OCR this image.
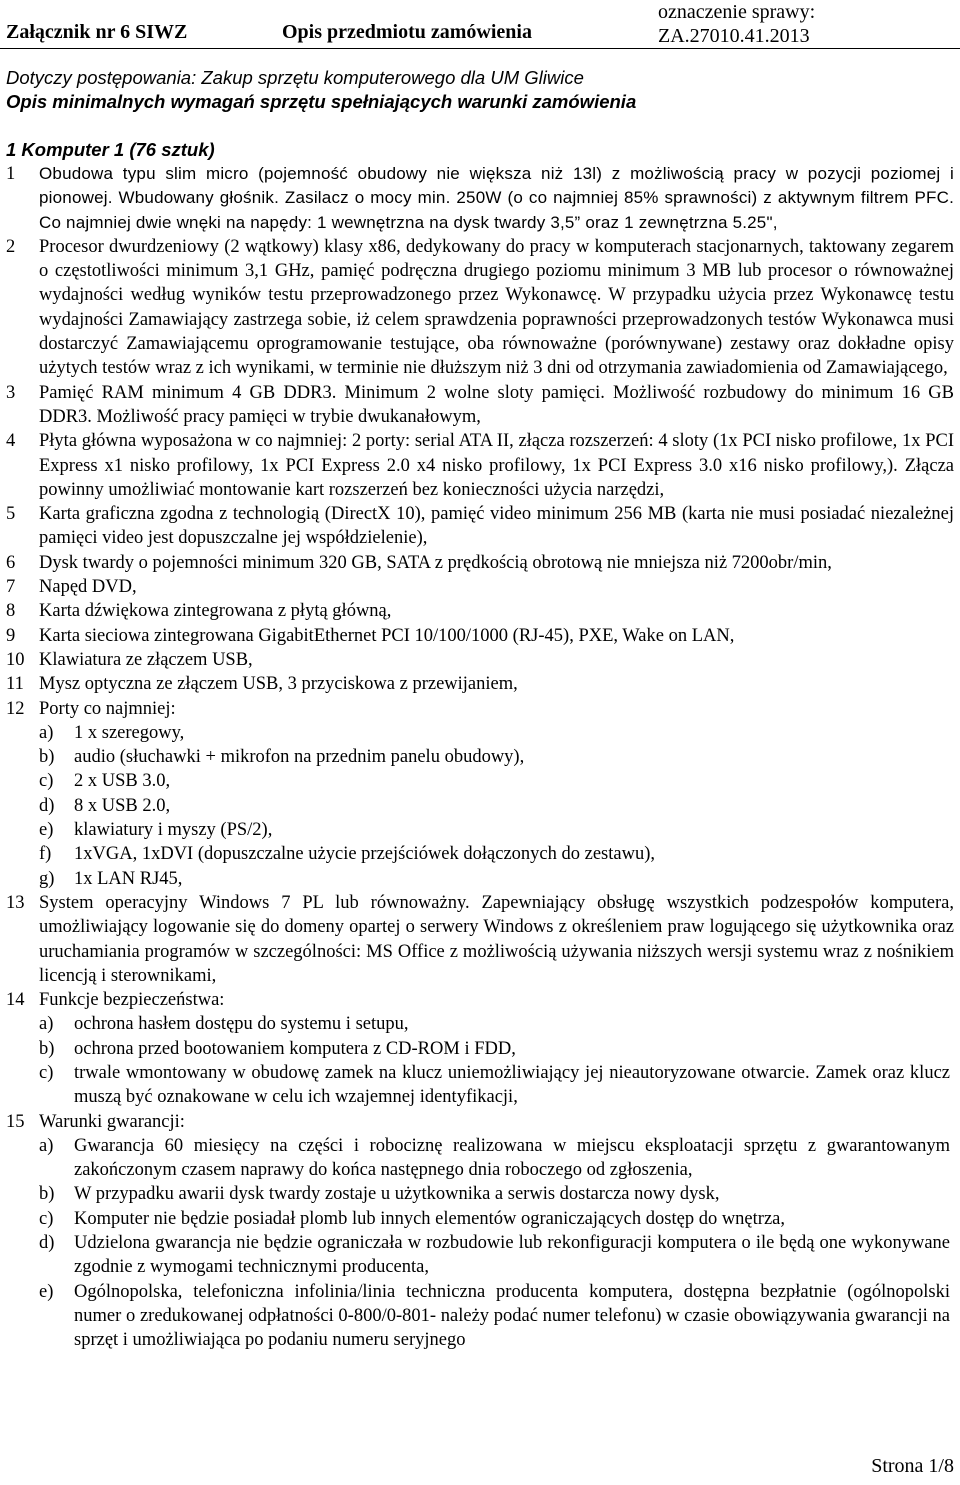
Załącznik nr 6 SIWZ	Opis przedmiotu zamówienia
oznaczenie sprawy: ZA.27010.41.2013
Dotyczy postępowania: Zakup sprzętu komputerowego dla UM Gliwice
Opis minimalnych wymagań sprzętu spełniających warunki zamówienia
1 Komputer 1 (76 sztuk)
1	Obudowa typu slim micro (pojemność obudowy nie większa niż 13l) z możliwością pracy w pozycji poziomej i pionowej. Wbudowany głośnik. Zasilacz o mocy min. 250W (o co najmniej 85% sprawności) z aktywnym filtrem PFC. Co najmniej dwie wnęki na napędy: 1 wewnętrzna na dysk twardy 3,5” oraz 1 zewnętrzna 5.25",
2	Procesor dwurdzeniowy (2 wątkowy) klasy x86, dedykowany do pracy w komputerach stacjonarnych, taktowany zegarem o częstotliwości minimum 3,1 GHz, pamięć podręczna drugiego poziomu minimum 3 MB lub procesor o równoważnej wydajności według wyników testu przeprowadzonego przez Wykonawcę. W przypadku użycia przez Wykonawcę testu wydajności Zamawiający zastrzega sobie, iż celem sprawdzenia poprawności przeprowadzonych testów Wykonawca musi dostarczyć Zamawiającemu oprogramowanie testujące, oba równoważne (porównywane) zestawy oraz dokładne opisy użytych testów wraz z ich wynikami, w terminie nie dłuższym niż 3 dni od otrzymania zawiadomienia od Zamawiającego,
3	Pamięć RAM minimum 4 GB DDR3. Minimum 2 wolne sloty pamięci. Możliwość rozbudowy do minimum 16 GB DDR3. Możliwość pracy pamięci w trybie dwukanałowym,
4	Płyta główna wyposażona w co najmniej: 2 porty: serial ATA II, złącza rozszerzeń: 4 sloty (1x PCI nisko profilowe, 1x PCI Express x1 nisko profilowy, 1x PCI Express 2.0 x4 nisko profilowy, 1x PCI Express 3.0 x16 nisko profilowy,). Złącza powinny umożliwiać montowanie kart rozszerzeń bez konieczności użycia narzędzi,
5	Karta graficzna zgodna z technologią (DirectX 10), pamięć video minimum 256 MB (karta nie musi posiadać niezależnej pamięci video jest dopuszczalne jej współdzielenie),
6	Dysk twardy o pojemności minimum 320 GB, SATA z prędkością obrotową nie mniejsza niż 7200obr/min,
7	Napęd DVD,
8	Karta dźwiękowa zintegrowana z płytą główną,
9	Karta sieciowa zintegrowana GigabitEthernet PCI 10/100/1000 (RJ-45), PXE, Wake on LAN,
10 Klawiatura ze złączem USB,
11 Mysz optyczna ze złączem USB, 3 przyciskowa z przewijaniem,
12 Porty co najmniej:
a)	1 x szeregowy,
b)	audio (słuchawki + mikrofon na przednim panelu obudowy),
c)	2 x USB 3.0,
d)	8 x USB 2.0,
e)	klawiatury i myszy (PS/2),
f)	1xVGA, 1xDVI (dopuszczalne użycie przejściówek dołączonych do zestawu),
g)	1x LAN RJ45,
13 System operacyjny Windows 7 PL lub równoważny. Zapewniający obsługę wszystkich podzespołów komputera, umożliwiający logowanie się do domeny opartej o serwery Windows z określeniem praw logującego się użytkownika oraz uruchamiania programów w szczególności: MS Office z możliwością używania niższych wersji systemu wraz z nośnikiem licencją i sterownikami,
14 Funkcje bezpieczeństwa:
a)	ochrona hasłem dostępu do systemu i setupu,
b)	ochrona przed bootowaniem komputera z CD-ROM i FDD,
c)	trwale wmontowany w obudowę zamek na klucz uniemożliwiający jej nieautoryzowane otwarcie. Zamek oraz klucz muszą być oznakowane w celu ich wzajemnej identyfikacji,
15 Warunki gwarancji:
a)	Gwarancja 60 miesięcy na części i robociznę realizowana w miejscu eksploatacji sprzętu z gwarantowanym zakończonym czasem naprawy do końca następnego dnia roboczego od zgłoszenia,
b)	W przypadku awarii dysk twardy zostaje u użytkownika a serwis dostarcza nowy dysk,
c)	Komputer nie będzie posiadał plomb lub innych elementów ograniczających dostęp do wnętrza,
d)	Udzielona gwarancja nie będzie ograniczała w rozbudowie lub rekonfiguracji komputera o ile będą one wykonywane zgodnie z wymogami technicznymi producenta,
e)	Ogólnopolska, telefoniczna infolinia/linia techniczna producenta komputera, dostępna bezpłatnie (ogólnopolski numer o zredukowanej odpłatności 0-800/0-801- należy podać numer telefonu) w czasie obowiązywania gwarancji na sprzęt i umożliwiająca po podaniu numeru seryjnego
Strona 1/8
